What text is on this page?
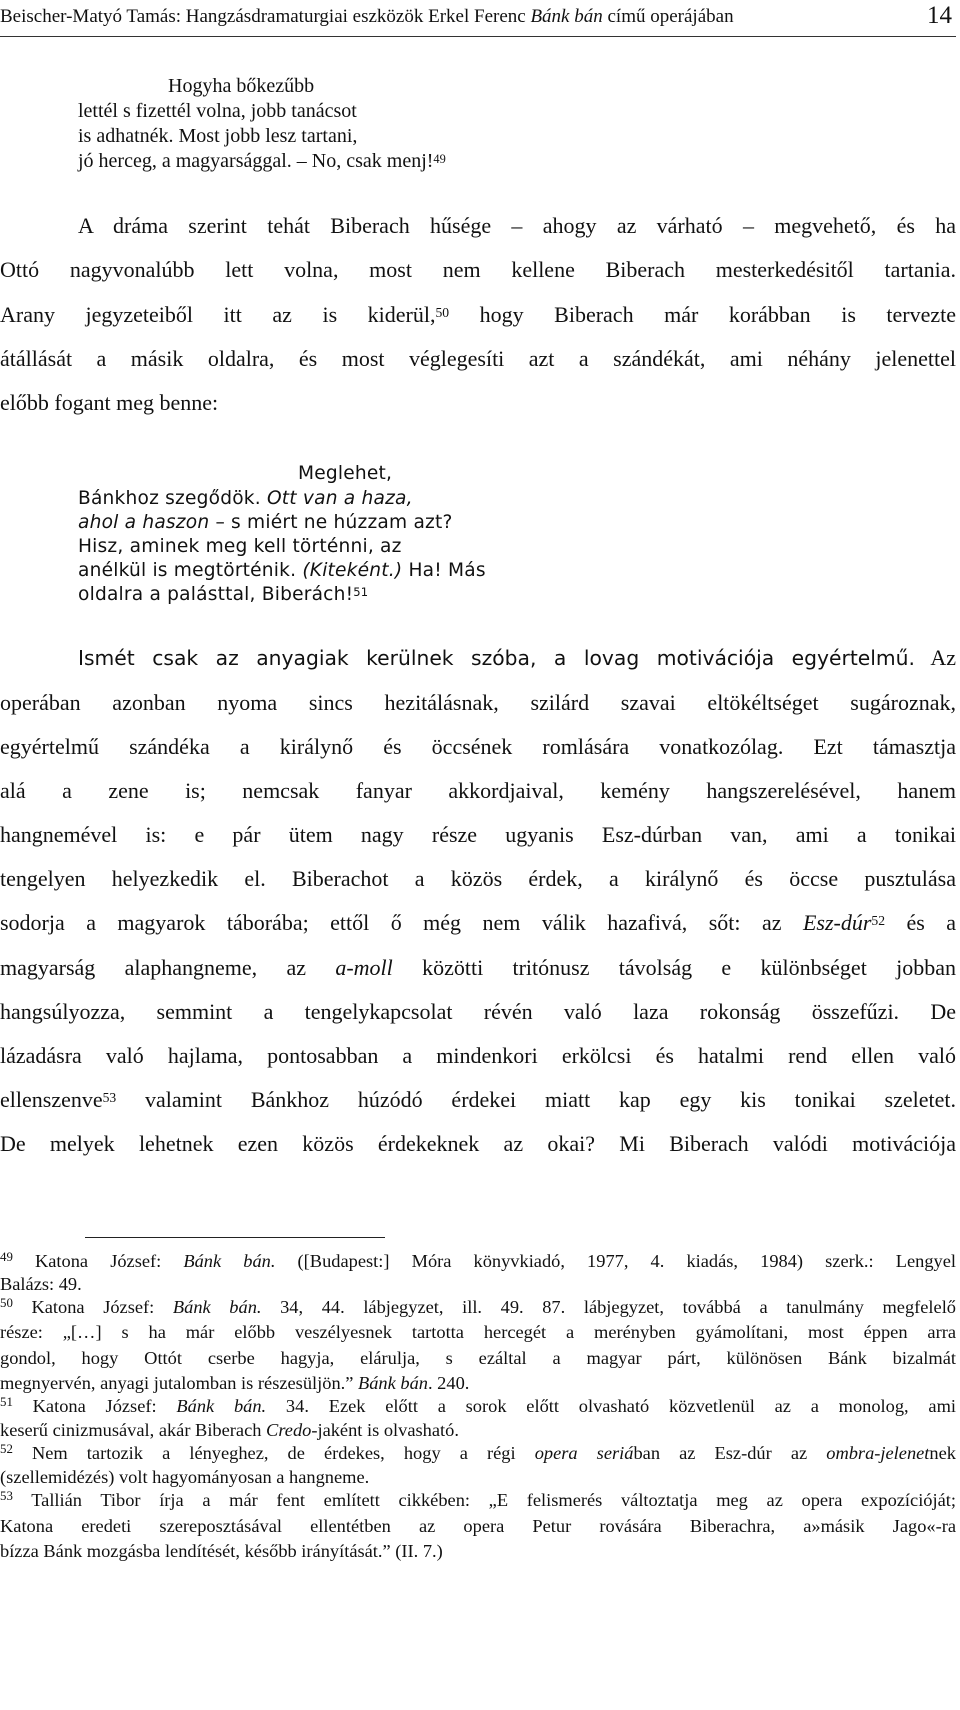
Beischer-Matyó Tamás: Hangzásdramaturgiai eszközök Erkel Ferenc Bánk bán című operájában	14
Hogyha bőkezűbb
lettél s fizettél volna, jobb tanácsot
is adhatnék. Most jobb lesz tartani,
jó herceg, a magyarsággal. – No, csak menj!$^{49}$
A dráma szerint tehát Biberach hűsége – ahogy az várható – megvehető, és ha
Ottó nagyvonalúbb lett volna, most nem kellene Biberach mesterkedésitől tartania.
Arany jegyzeteiből itt az is kiderül,$^{50}$ hogy Biberach már korábban is tervezte
átállását a másik oldalra, és most véglegesíti azt a szándékát, ami néhány jelenettel
előbb fogant meg benne:
Meglehet,
Bánkhoz szegődök. Ott van a haza,
ahol a haszon – s miért ne húzzam azt?
Hisz, aminek meg kell történni, az
anélkül is megtörténik. (Kiteként.) Ha! Más
oldalra a palásttal, Biberách!$^{51}$
Ismét csak az anyagiak kerülnek szóba, a lovag motivációja egyértelmű. Az
operában azonban nyoma sincs hezitálásnak, szilárd szavai eltökéltséget sugároznak,
egyértelmű szándéka a királynő és öccsének romlására vonatkozólag. Ezt támasztja
alá a zene is; nemcsak fanyar akkordjaival, kemény hangszerelésével, hanem
hangnemével is: e pár ütem nagy része ugyanis Esz-dúrban van, ami a tonikai
tengelyen helyezkedik el. Biberachot a közös érdek, a királynő és öccse pusztulása
sodorja a magyarok táborába; ettől ő még nem válik hazafivá, sőt: az Esz-dúr$^{52}$ és a
magyarság alaphangneme, az a-moll közötti tritónusz távolság e különbséget jobban
hangsúlyozza, semmint a tengelykapcsolat révén való laza rokonság összefűzi. De
lázadásra való hajlama, pontosabban a mindenkori erkölcsi és hatalmi rend ellen való
ellenszenve$^{53}$ valamint Bánkhoz húzódó érdekei miatt kap egy kis tonikai szeletet.
De melyek lehetnek ezen közös érdekeknek az okai? Mi Biberach valódi motivációja
$^{49}$ Katona József: Bánk bán. ([Budapest:] Móra könyvkiadó, 1977, 4. kiadás, 1984) szerk.: Lengyel
Balázs: 49.
$^{50}$ Katona József: Bánk bán. 34, 44. lábjegyzet, ill. 49. 87. lábjegyzet, továbbá a tanulmány megfelelő
része: „[…] s ha már előbb veszélyesnek tartotta hercegét a merényben gyámolítani, most éppen arra
gondol, hogy Ottót cserbe hagyja, elárulja, s ezáltal a magyar párt, különösen Bánk bizalmát
megnyervén, anyagi jutalomban is részesüljön.” Bánk bán. 240.
$^{51}$ Katona József: Bánk bán. 34. Ezek előtt a sorok előtt olvasható közvetlenül az a monolog, ami
keserű cinizmusával, akár Biberach Credo-jaként is olvasható.
$^{52}$ Nem tartozik a lényeghez, de érdekes, hogy a régi opera seriában az Esz-dúr az ombra-jelenetnek
(szellemidézés) volt hagyományosan a hangneme.
$^{53}$ Tallián Tibor írja a már fent említett cikkében: „E felismerés változtatja meg az opera expozícióját;
Katona eredeti szereposztásával ellentétben az opera Petur rovására Biberachra, a»másik Jago«-ra
bízza Bánk mozgásba lendítését, később irányítását.” (II. 7.)
